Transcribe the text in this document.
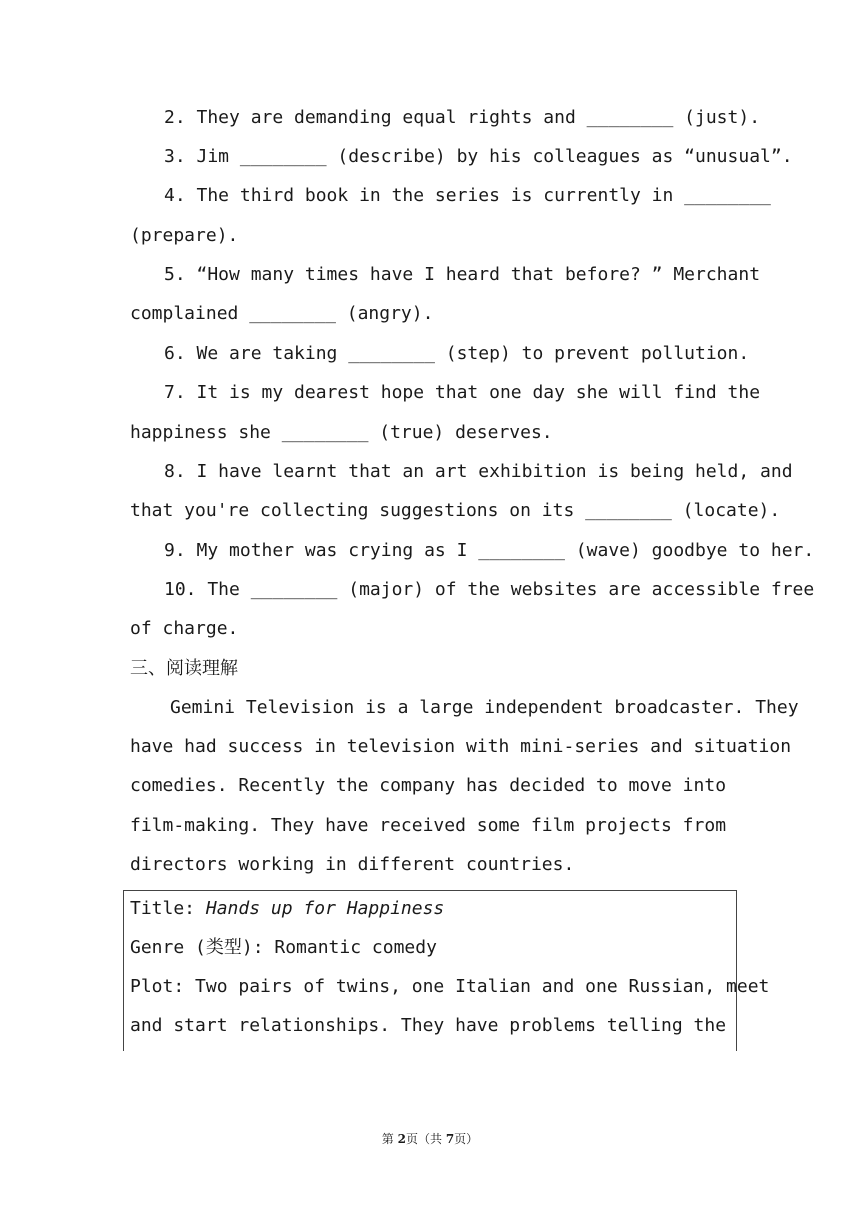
2. They are demanding equal rights and ________ (just).
3. Jim ________ (describe) by his colleagues as “unusual”.
4. The third book in the series is currently in ________
(prepare).
5. “How many times have I heard that before? ” Merchant
complained ________ (angry).
6. We are taking ________ (step) to prevent pollution.
7. It is my dearest hope that one day she will find the
happiness she ________ (true) deserves.
8. I have learnt that an art exhibition is being held, and
that you're collecting suggestions on its ________ (locate).
9. My mother was crying as I ________ (wave) goodbye to her.
10. The ________ (major) of the websites are accessible free
of charge.
三、阅读理解
Gemini Television is a large independent broadcaster. They
have had success in television with mini-series and situation
comedies. Recently the company has decided to move into
film-making. They have received some film projects from
directors working in different countries.
Title: Hands up for Happiness
Genre (类型): Romantic comedy
Plot: Two pairs of twins, one Italian and one Russian, meet
and start relationships. They have problems telling the
第 2页（共 7页）
